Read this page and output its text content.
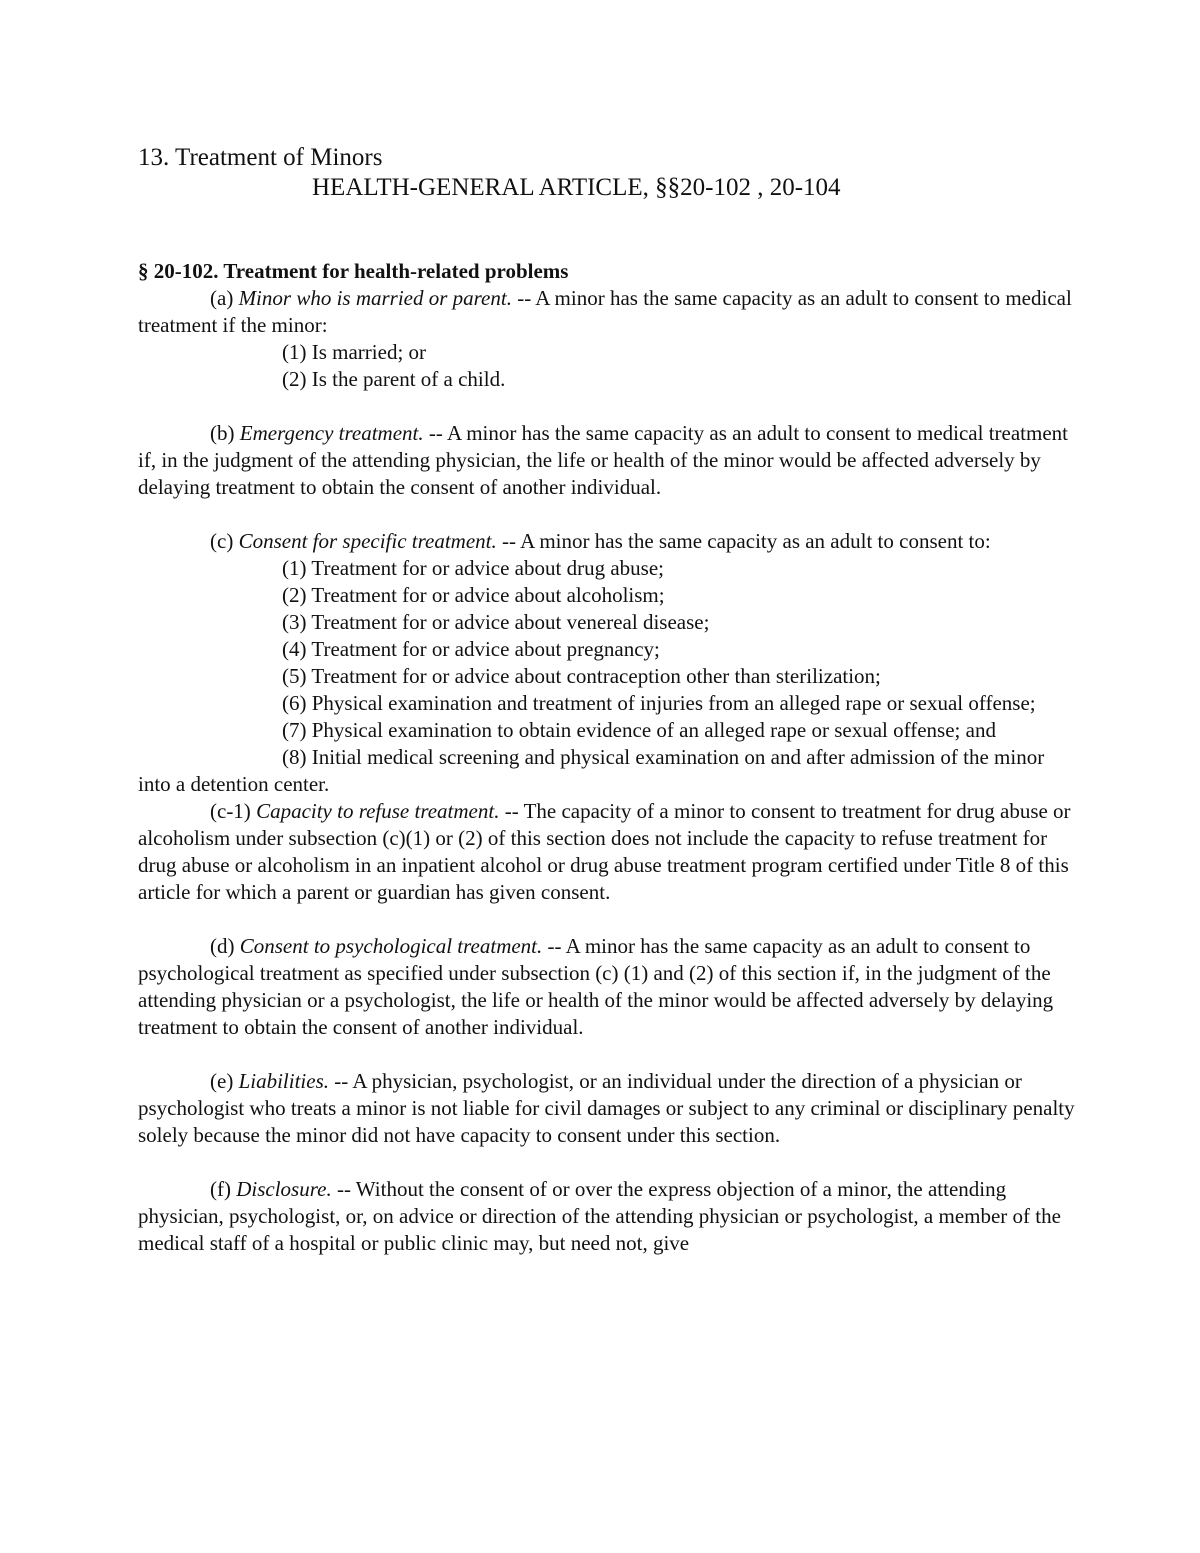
13. Treatment of Minors
HEALTH-GENERAL ARTICLE, §§20-102 , 20-104

§ 20-102. Treatment for health-related problems

(a) Minor who is married or parent. -- A minor has the same capacity as an adult to consent to medical treatment if the minor:

(1) Is married; or

(2) Is the parent of a child.

(b) Emergency treatment. -- A minor has the same capacity as an adult to consent to medical treatment if, in the judgment of the attending physician, the life or health of the minor would be affected adversely by delaying treatment to obtain the consent of another individual.

(c) Consent for specific treatment. -- A minor has the same capacity as an adult to consent to:

(1) Treatment for or advice about drug abuse;

(2) Treatment for or advice about alcoholism;

(3) Treatment for or advice about venereal disease;

(4) Treatment for or advice about pregnancy;

(5) Treatment for or advice about contraception other than sterilization;

(6) Physical examination and treatment of injuries from an alleged rape or sexual offense;

(7) Physical examination to obtain evidence of an alleged rape or sexual offense; and

(8) Initial medical screening and physical examination on and after admission of the minor into a detention center.

(c-1) Capacity to refuse treatment. -- The capacity of a minor to consent to treatment for drug abuse or alcoholism under subsection (c)(1) or (2) of this section does not include the capacity to refuse treatment for drug abuse or alcoholism in an inpatient alcohol or drug abuse treatment program certified under Title 8 of this article for which a parent or guardian has given consent.

(d) Consent to psychological treatment. -- A minor has the same capacity as an adult to consent to psychological treatment as specified under subsection (c) (1) and (2) of this section if, in the judgment of the attending physician or a psychologist, the life or health of the minor would be affected adversely by delaying treatment to obtain the consent of another individual.

(e) Liabilities. -- A physician, psychologist, or an individual under the direction of a physician or psychologist who treats a minor is not liable for civil damages or subject to any criminal or disciplinary penalty solely because the minor did not have capacity to consent under this section.

(f) Disclosure. -- Without the consent of or over the express objection of a minor, the attending physician, psychologist, or, on advice or direction of the attending physician or psychologist, a member of the medical staff of a hospital or public clinic may, but need not, give
